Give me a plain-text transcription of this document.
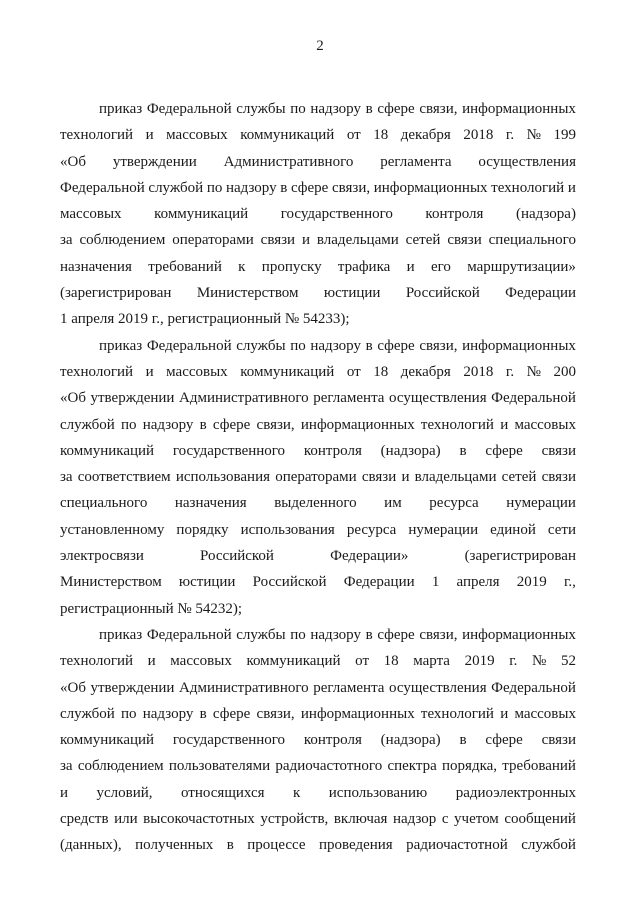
2
приказ Федеральной службы по надзору в сфере связи, информационных
технологий и массовых коммуникаций от 18 декабря 2018 г. № 199
«Об утверждении Административного регламента осуществления
Федеральной службой по надзору в сфере связи, информационных технологий и
массовых коммуникаций государственного контроля (надзора)
за соблюдением операторами связи и владельцами сетей связи специального
назначения требований к пропуску трафика и его маршрутизации»
(зарегистрирован Министерством юстиции Российской Федерации
1 апреля 2019 г., регистрационный № 54233);
приказ Федеральной службы по надзору в сфере связи, информационных
технологий и массовых коммуникаций от 18 декабря 2018 г. № 200
«Об утверждении Административного регламента осуществления Федеральной
службой по надзору в сфере связи, информационных технологий и массовых
коммуникаций государственного контроля (надзора) в сфере связи
за соответствием использования операторами связи и владельцами сетей связи
специального назначения выделенного им ресурса нумерации
установленному порядку использования ресурса нумерации единой сети
электросвязи	Российской	Федерации»	(зарегистрирован
Министерством юстиции Российской Федерации 1 апреля 2019 г.,
регистрационный № 54232);
приказ Федеральной службы по надзору в сфере связи, информационных
технологий и массовых коммуникаций от 18 марта 2019 г. № 52
«Об утверждении Административного регламента осуществления Федеральной
службой по надзору в сфере связи, информационных технологий и массовых
коммуникаций государственного контроля (надзора) в сфере связи
за соблюдением пользователями радиочастотного спектра порядка, требований
и условий, относящихся к использованию радиоэлектронных
средств или высокочастотных устройств, включая надзор с учетом сообщений
(данных), полученных в процессе проведения радиочастотной службой
